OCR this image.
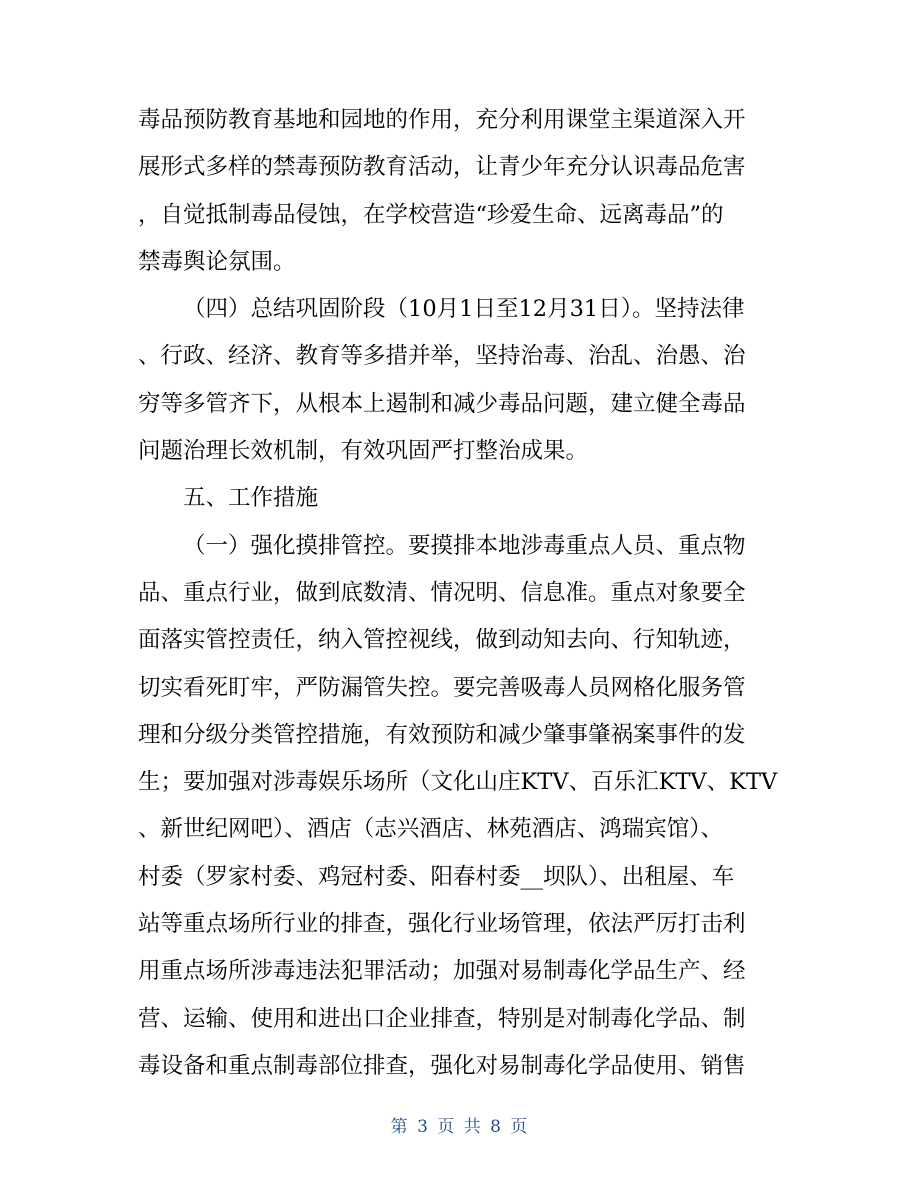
毒品预防教育基地和园地的作用，充分利用课堂主渠道深入开
展形式多样的禁毒预防教育活动，让青少年充分认识毒品危害
，自觉抵制毒品侵蚀，在学校营造“珍爱生命、远离毒品”的
禁毒舆论氛围。
（四）总结巩固阶段（10月1日至12月31日）。坚持法律
、行政、经济、教育等多措并举，坚持治毒、治乱、治愚、治
穷等多管齐下，从根本上遏制和减少毒品问题，建立健全毒品
问题治理长效机制，有效巩固严打整治成果。
五、工作措施
（一）强化摸排管控。要摸排本地涉毒重点人员、重点物
品、重点行业，做到底数清、情况明、信息准。重点对象要全
面落实管控责任，纳入管控视线，做到动知去向、行知轨迹，
切实看死盯牢，严防漏管失控。要完善吸毒人员网格化服务管
理和分级分类管控措施，有效预防和减少肇事肇祸案事件的发
生；要加强对涉毒娱乐场所（文化山庄KTV、百乐汇KTV、KTV
、新世纪网吧）、酒店（志兴酒店、林苑酒店、鸿瑞宾馆）、
村委（罗家村委、鸡冠村委、阳春村委__坝队）、出租屋、车
站等重点场所行业的排查，强化行业场管理，依法严厉打击利
用重点场所涉毒违法犯罪活动；加强对易制毒化学品生产、经
营、运输、使用和进出口企业排查，特别是对制毒化学品、制
毒设备和重点制毒部位排查，强化对易制毒化学品使用、销售
第 3 页 共 8 页
